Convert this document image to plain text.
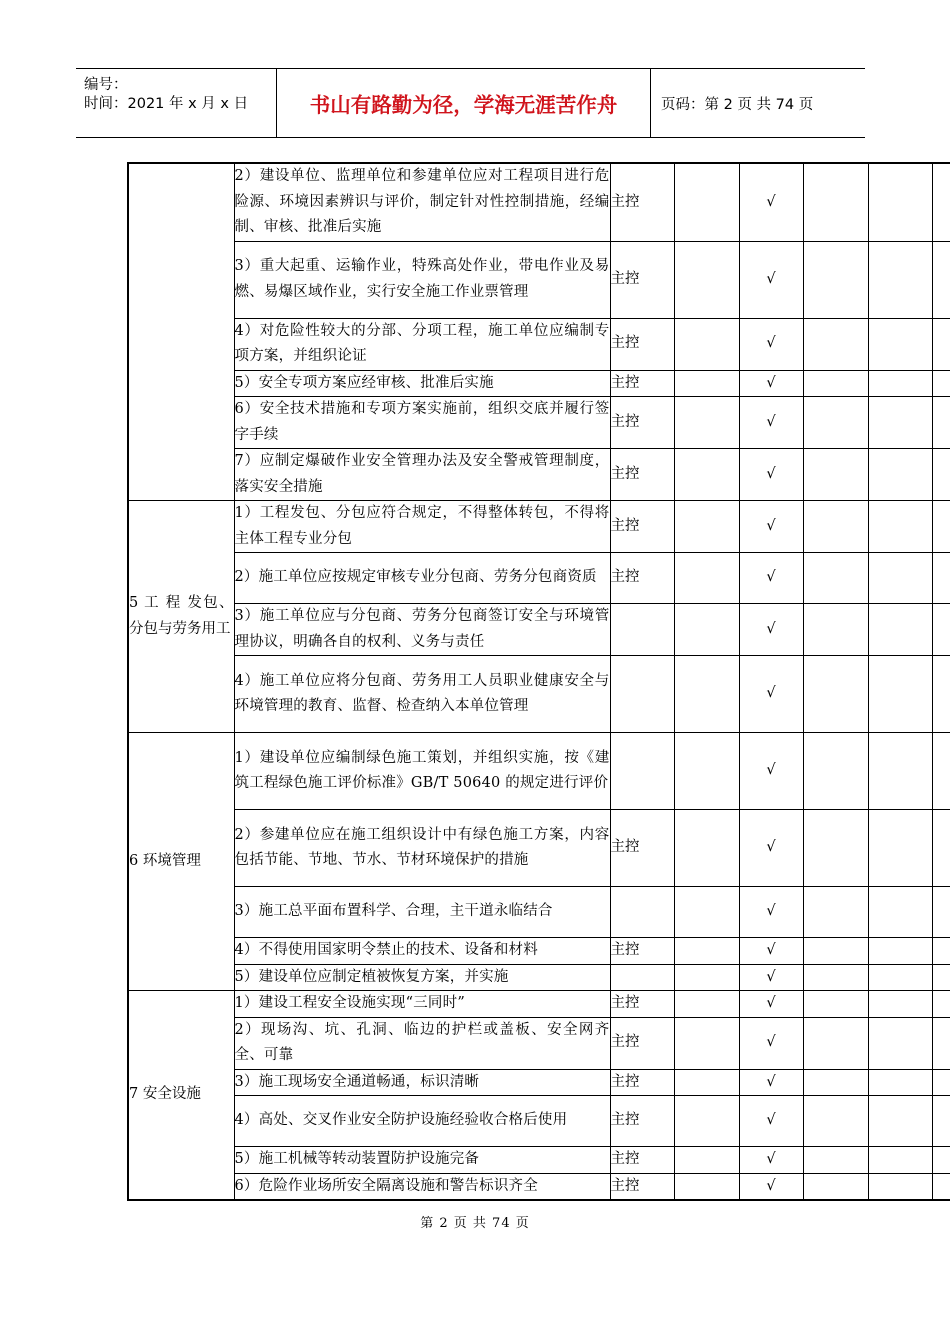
编号：
时间：2021 年 x 月 x 日	书山有路勤为径，学海无涯苦作舟	页码：第 2 页 共 74 页
	2）建设单位、监理单位和参建单位应对工程项目进行危险源、环境因素辨识与评价，制定针对性控制措施，经编制、审核、批准后实施	主控		√			
	3）重大起重、运输作业，特殊高处作业，带电作业及易燃、易爆区域作业，实行安全施工作业票管理	主控		√			
	4）对危险性较大的分部、分项工程，施工单位应编制专项方案，并组织论证	主控		√			
	5）安全专项方案应经审核、批准后实施	主控		√			
	6）安全技术措施和专项方案实施前，组织交底并履行签字手续	主控		√			
	7）应制定爆破作业安全管理办法及安全警戒管理制度，落实安全措施	主控		√			
5 工 程 发包、分包与劳务用工	1）工程发包、分包应符合规定，不得整体转包，不得将主体工程专业分包	主控		√			
	2）施工单位应按规定审核专业分包商、劳务分包商资质	主控		√			
	3）施工单位应与分包商、劳务分包商签订安全与环境管理协议，明确各自的权利、义务与责任			√			
	4）施工单位应将分包商、劳务用工人员职业健康安全与环境管理的教育、监督、检查纳入本单位管理			√			
6 环境管理	1）建设单位应编制绿色施工策划，并组织实施，按《建筑工程绿色施工评价标准》GB/T 50640 的规定进行评价			√			
	2）参建单位应在施工组织设计中有绿色施工方案，内容包括节能、节地、节水、节材环境保护的措施	主控		√			
	3）施工总平面布置科学、合理，主干道永临结合			√			
	4）不得使用国家明令禁止的技术、设备和材料	主控		√			
	5）建设单位应制定植被恢复方案，并实施			√			
7 安全设施	1）建设工程安全设施实现“三同时”	主控		√			
	2）现场沟、坑、孔洞、临边的护栏或盖板、安全网齐全、可靠	主控		√			
	3）施工现场安全通道畅通，标识清晰	主控		√			
	4）高处、交叉作业安全防护设施经验收合格后使用	主控		√			
	5）施工机械等转动装置防护设施完备	主控		√			
	6）危险作业场所安全隔离设施和警告标识齐全	主控		√			
第 2 页 共 74 页
